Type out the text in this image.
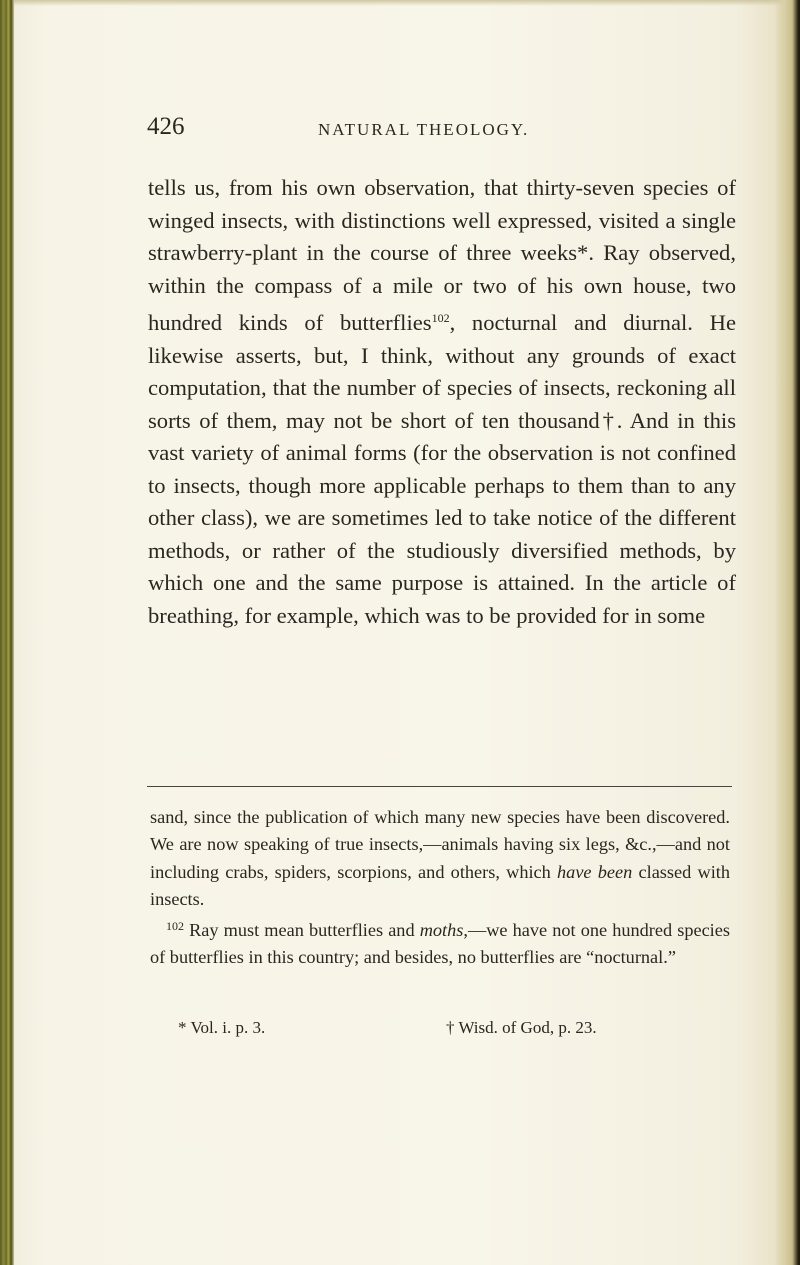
426	NATURAL THEOLOGY.

tells us, from his own observation, that thirty-seven species of winged insects, with distinctions well expressed, visited a single strawberry-plant in the course of three weeks*. Ray observed, within the compass of a mile or two of his own house, two hundred kinds of butterflies$^{102}$, nocturnal and diurnal. He likewise asserts, but, I think, without any grounds of exact computation, that the number of species of insects, reckoning all sorts of them, may not be short of ten thousand†. And in this vast variety of animal forms (for the observation is not confined to insects, though more applicable perhaps to them than to any other class), we are sometimes led to take notice of the different methods, or rather of the studiously diversified methods, by which one and the same purpose is attained. In the article of breathing, for example, which was to be provided for in some

sand, since the publication of which many new species have been discovered. We are now speaking of true insects,—animals having six legs, &c.,—and not including crabs, spiders, scorpions, and others, which have been classed with insects.

$^{102}$ Ray must mean butterflies and moths,—we have not one hundred species of butterflies in this country; and besides, no butterflies are “nocturnal.”

* Vol. i. p. 3.	† Wisd. of God, p. 23.
